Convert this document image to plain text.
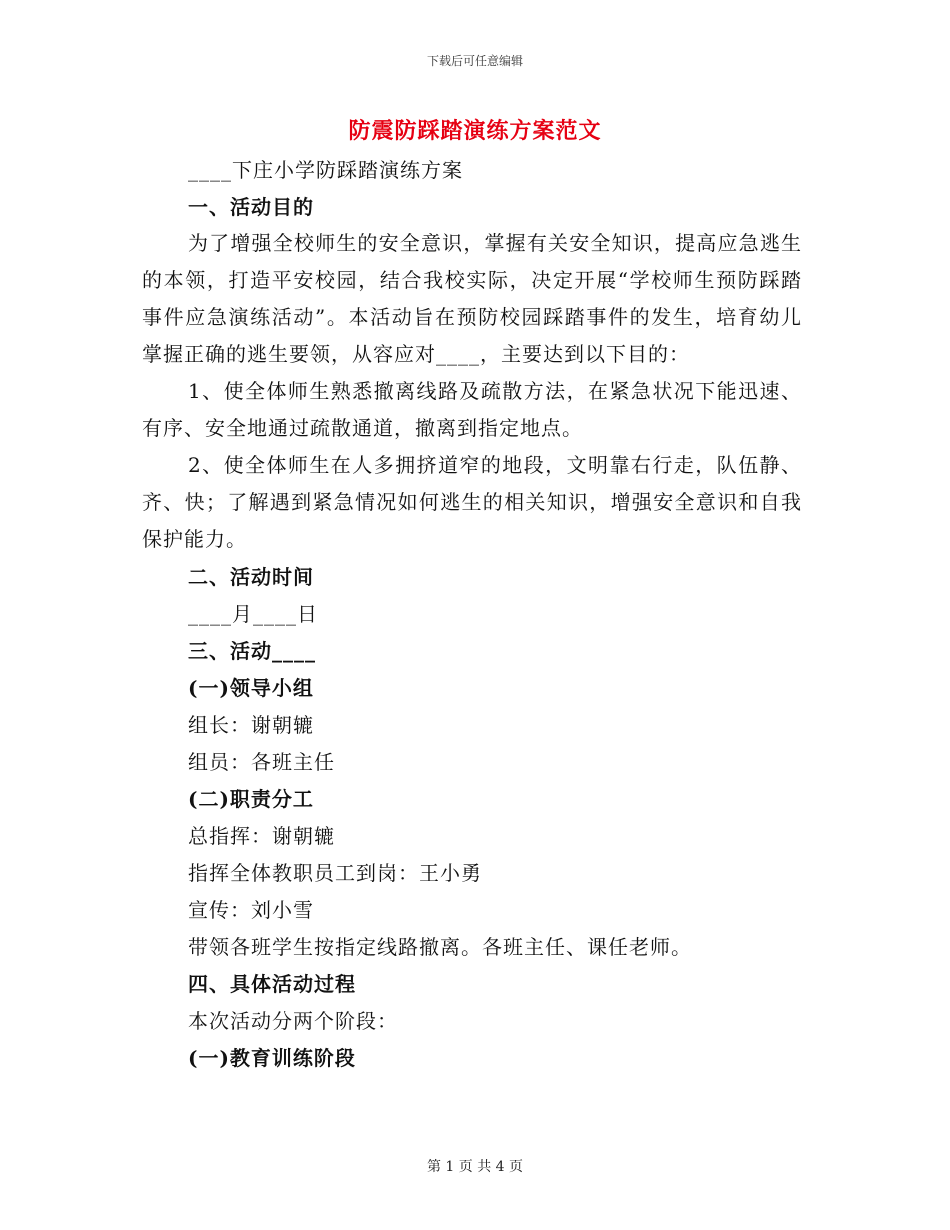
下载后可任意编辑
防震防踩踏演练方案范文
____下庄小学防踩踏演练方案
一、活动目的
为了增强全校师生的安全意识，掌握有关安全知识，提高应急逃生的本领，打造平安校园，结合我校实际，决定开展“学校师生预防踩踏事件应急演练活动”。本活动旨在预防校园踩踏事件的发生，培育幼儿掌握正确的逃生要领，从容应对____，主要达到以下目的：
1、使全体师生熟悉撤离线路及疏散方法，在紧急状况下能迅速、有序、安全地通过疏散通道，撤离到指定地点。
2、使全体师生在人多拥挤道窄的地段，文明靠右行走，队伍静、齐、快；了解遇到紧急情况如何逃生的相关知识，增强安全意识和自我保护能力。
二、活动时间
____月____日
三、活动____
(一)领导小组
组长：谢朝辘
组员：各班主任
(二)职责分工
总指挥：谢朝辘
指挥全体教职员工到岗：王小勇
宣传：刘小雪
带领各班学生按指定线路撤离。各班主任、课任老师。
四、具体活动过程
本次活动分两个阶段：
(一)教育训练阶段
第 1 页 共 4 页
